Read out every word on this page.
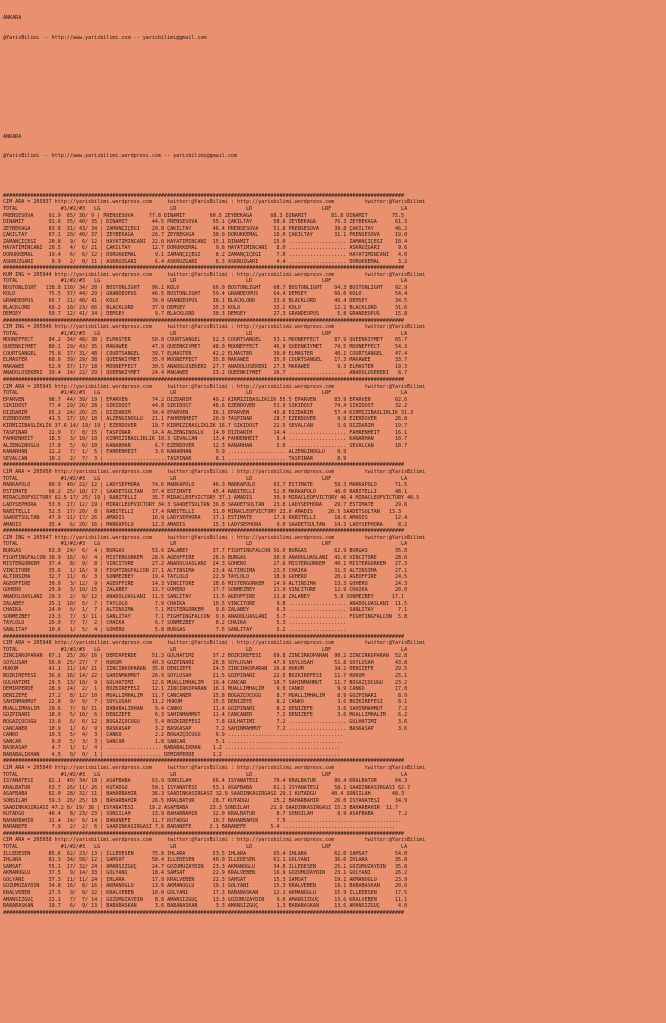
ANKARA

@YarisBilimi -- http://www.yarisbilimi.com -- yarisbilimi@gmail.com

ANKARA

@YarisBilimi -- http://www.yarisbilimi.wordpress.com -- yarisbilimi@gmail.com

####################################################################################################################################
CIM ARA = 205937 http://yarisbilimi.wordpress.com     twitter:@YarisBilimi : http://yarisbilimi.wordpress.com          twitter:@YarisBilimi
TOTAL              #1/#2/#3   LG                       LR                       LD                       LRF                       LA
PRENSESOVA     91.9  65/ 30/ 9 | PRENSESOVA     77.8 DINAMIT        60.5 ZEYBEKAGA      68.3 DINAMIT        81.8 DINAMIT        75.5
DINAMIT        91.6  35/ 40/ 35 | DINAMIT        44.5 PRENSESOVA     55.1 ÇAKILTAY       58.6 ZEYBEKAGA      76.3 ZEYBEKAGA      61.3
ZEYBEKAGA      83.8  31/ 43/ 34 | ZAMANÇIÇEGI    29.8 ÇAKILTAY       46.4 PRENSESOVA     51.8 PRENSESOVA     39.8 ÇAKILTAY       46.2
ÇAKILTAY       67.1  20/ 40/ 37 | ZEYBEKAGA      26.7 ZEYBEKAGA      30.0 DORUKKEMAL     16.0 ÇAKILTAY       31.1 PRENSESOVA     19.0
ZAMANÇIÇEGI    20.8   9/  6/ 12 | HAYATIMINCANI  22.0 HAYATIMINCANI  15.1 DINAMIT        15.0 ................... ZAMANÇIÇEGI    10.4
HAYATIMINCANI  20.5   4/  6/ 21 | ÇAKILTAY       12.7 DORUKKEMAL      9.6 HAYATIMINCANI   8.0 ................... ASKRÜZGARI      9.6
DORUKKEMAL     19.4   6/  6/ 12 | DORUKKEMAL      9.1 ZAMANÇIÇEGI     8.2 ZAMANÇIÇEGI     7.0 ................... HAYATIMINCANI   4.0
ASKRÜZGARI      9.9   2/  0/ 11 | ASKRÜZGARI      6.4 ASKRÜZGARI      6.3 ASKRÜZGARI      4.4 ................... DORUKKEMAL      3.2
####################################################################################################################################
KUM ING = 205944 http://yarisbilimi.wordpress.com     twitter:@YarisBilimi : http://yarisbilimi.wordpress.com          twitter:@YarisBilimi
TOTAL              #1/#2/#3   LG                       LR                       LD                       LRF                       LA
BOSTONLIGHT   138.8 110/ 34/ 20 | BOSTONLIGHT    96.1 KOLO           66.0 BOSTONLIGHT    68.7 BOSTONLIGHT    94.3 BOSTONLIGHT    92.9
KOLO           75.5  37/ 44/ 29 | GRANDEOPUS     46.5 BOSTONLIGHT    59.4 GRANDEOPUS     64.4 DEMSEY         66.0 KOLO           54.4
GRANDEOPUS     66.7  21/ 48/ 41 | KOLO           39.0 GRANDEOPUS     38.1 BLACKLORD      33.6 BLACKLORD      40.4 DEMSEY         34.5
BLACKLORD      60.2  10/ 23/ 66 | BLACKLORD      37.9 DEMSEY         35.3 KOLO           33.2 KOLO           12.2 BLACKLORD      31.6
DEMSEY         59.7  12/ 41/ 34 | DEMSEY          9.7 BLACKLORD      30.3 DEMSEY         27.3 GRANDEOPUS      5.8 GRANDEOPUS     15.8
####################################################################################################################################
CIM ING = 205946 http://yarisbilimi.wordpress.com     twitter:@YarisBilimi : http://yarisbilimi.wordpress.com          twitter:@YarisBilimi
TOTAL              #1/#2/#3   LG                       LR                       LD                       LRF                       LA
MOONEFFECT     84.2  34/ 48/ 38 | ELMASTER       50.8 COURTSANGEL    52.3 COURTSANGEL    53.1 MOONEFFECT     87.9 QUEENKIYMET    65.7
QUEENKIYMET    80.1  29/ 43/ 35 | MAKAWEE        47.9 QUEENKIYMET    48.0 MOONEFFECT     46.9 QUEENKIYMET    74.5 MOONEFFECT     54.3
COURTSANGEL    75.8  37/ 31/ 48 | COURTSANGEL    39.7 ELMASTER       42.2 ELMASTER       39.0 ELMASTER       40.1 COURTSANGEL    47.4
ELMASTER       68.6  39/ 29/ 38 | QUEENKIYMET    35.9 MOONEFFECT     35.8 MAKAWEE        35.9 COURTSANGEL    17.3 MAKAWEE        33.7
MAKAWEE        52.9  37/ 17/ 18 | MOONEFFECT     30.5 ANADOLUSEKERI  27.7 ANADOLUSEKERI  27.5 MAKAWEE         9.3 ELMASTER       19.3
ANADOLUSEKERI  39.4  14/ 22/ 29 | QUEENKIYMET    24.4 MAKAWEE        23.2 QUEENKIYMET    26.7 ................... ANADOLUSEKERI   8.7
####################################################################################################################################
CIM ARA = 205945 http://yarisbilimi.wordpress.com     twitter:@YarisBilimi : http://yarisbilimi.wordpress.com          twitter:@YarisBilimi
TOTAL              #1/#2/#3   LG                       LR                       LD                       LRF                       LA
EPARVEN        98.7  44/ 39/ 19 | EPARVEN        74.2 DIZDARIM       49.2 KIRMIZIBASLIKLIK 55.5 EPARVEN      83.9 EPARVEN        62.6
SIKIDOST       77.4  29/ 26/ 28 | SIKIDOST       44.8 SIKIDOST       48.6 EZERDÖVER      51.9 SIKIDOST       74.4 SIKIDOST       32.2
DIZDARIM       65.2  24/ 20/ 25 | DIZDARIM       34.4 EPARVEN        36.1 EPARVEN        45.8 DIZDARIM       57.4 KIRMIZIBASLIKLIK 31.3
EZERDÖVER      41.5  17/ 16/ 18 | ALZENGINOGLU   21.1 FAHRENHEIT     20.9 TASPINAR       28.7 EZERDÖVER       9.9 EZERDÖVER      26.8
KIRMIZIBASLIKLIK 37.6 14/ 19/ 19 | EZERDÖVER     19.7 KIRMIZIBASLIKLIK 16.7 SIKIDOST     22.5 SEVALCAN        3.6 DIZDARIM       19.7
TASPINAR       22.0   7/  8/ 15 | TASPINAR       14.4 ALZENGINOGLU   14.0 DIZDARIM       14.4 ................... FAHRENHEIT     16.1
FAHRENHEIT     18.5   3/ 10/ 10 | KIRMIZIBASLIKLIK 10.3 SEVALCAN     13.4 FAHRENHEIT      5.4 ................... KANARHAN       10.7
ALZENGINOGLU   17.8   5/  6/ 10 | KANARHAN        6.7 EZERDÖVER      12.3 KANARHAN        5.0 ................... SEVALCAN       10.7
KANARHAN       12.2   7/  1/  5 | FAHRENHEIT      3.6 KANARHAN        9.9 ................... ALZENGINOGLU    9.9
SEVALCAN       10.2   2/  7/  3 | ....................TASPINAR        8.1 ................... TASPINAR        8.9
####################################################################################################################################
CIM ARA = 205950 http://yarisbilimi.wordpress.com     twitter:@YarisBilimi : http://yarisbilimi.wordpress.com          twitter:@YarisBilimi
TOTAL              #1/#2/#3   LG                       LR                       LD                       LRF                       LA
MARKAPOLO      80.9  40/ 22/ 12 | LADYSEPHORA    74.6 MARKAPOLO      46.3 MARKAPOLO      63.7 ESTIMATE       59.3 MARKAPOLO      71.5
ESTIMATE       68.2  25/ 18/ 17 | SAADETSULTAN   37.4 ESTIMATE       45.4 RABITELLI      52.0 MARKAPOLO      48.0 RABITELLI      48.1
MIRACLEOFVICTORY 62.5 17/ 25/ 19 | RABITELLI     35.7 MIRACLEOFVICTORY 37.1 AMADIS       39.9 MIRACLEOFVICTORY 46.4 MIRACLEOFVICTORY 40.5
LADYSEPHORA    53.6  17/ 12/ 19 | MIRACLEOFVICTORY 34.3 SAADETSULTAN 36.8 SAADETSULTAN   23.8 LADYSEPHORA    29.7 ESTIMATE       29.6
RABITELLI      52.5  17/ 20/  8 | RABITELLI      17.4 RABITELLI      31.0 MIRACLEOFVICTORY 23.0 AMADIS     20.5 SAADETSULTAN   13.3
SAADETSULTAN   47.9  11/ 17/ 26 | AMADIS         16.9 LADYSEPHORA    17.1 ESTIMATE       17.6 RABITELLI      18.6 AMADIS         12.4
AMADIS         35.4   6/ 20/ 16 | MARKAPOLO      12.3 AMADIS         15.3 LADYSEPHORA     9.0 SAADETSULTAN   14.3 LADYSEPHORA     8.2
####################################################################################################################################
CIM ING = 205947 http://yarisbilimi.wordpress.com     twitter:@YarisBilimi : http://yarisbilimi.wordpress.com          twitter:@YarisBilimi
TOTAL              #1/#2/#3   LG                       LR                       LD                       LRF                       LA
BURGAS         63.8  24/  6/  4 | BURGAS         53.6 ZALABEY        37.7 FIGHTINGFALCON 56.0 BURGAS         62.9 BURGAS         35.8
FIGHTINGFALCON 38.9  16/  6/  4 | MISTERGÖRKEM   28.6 AGEOFFIRE      28.6 BURGAS         30.9 ANADOLUASLANI  41.6 VINCITORE      28.6
MISTERGÖRKEM   37.4   8/  9/  8 | VINCITORE      27.2 ANADOLUASLANI  24.3 GOHERO         27.6 MISTERGÖRKEM   40.1 MISTERGÖRKEM   27.3
VINCITORE      35.6   1/ 16/  9 | FIGHTINGFALCON 27.1 ALTINSIMA      23.4 ALTINSIMA      23.5 CHAIKA         31.5 ALTINSIMA      27.1
ALTINSIMA      32.7  11/  8/  3 | SÖNMEZBEY      19.4 TAYLOLO        22.9 TAYLOLO        18.9 GOHERO         20.1 AGEOFFIRE      24.5
AGEOFFIRE      30.0   3/ 12/  9 | AGEOFFIRE      14.3 VINCITORE      18.6 MISTERGÖRKEM   14.9 ALTINSIMA      13.3 GOHERO         24.3
GOHERO         29.9   3/ 10/ 15 | ZALABEY        13.7 GOHERO         17.7 SÖNMEZBEY      11.9 VINCITORE      12.9 CHAIKA         20.0
ANADOLUASLANI  29.3   2/  9/ 12 | ANADOLUASLANI  11.5 SANLITAY       11.5 AGEOFFIRE      11.8 ZALABEY        5.8 SÖNMEZBEY      17.1
ZALABEY        25.1  10/  5/  7 | TAYLOLO         7.9 CHAIKA         10.5 VINCITORE       9.8 ................... ANADOLUASLANI  11.5
CHAIKA         24.0   6/  1/  7 | ALTINSIMA       7.1 MISTERGÖRKEM    9.6 ZALABEY         6.3 ................... SANLITAY        7.1
SÖNMEZBEY      23.3   7/  3/ 11 | SANLITAY        7.1 FIGHTINGFALCON  9.6 ANADOLUASLANI   5.7 ................... FIGHTINGFALCON  5.8
TAYLOLO        20.0   7/  7/  2 | CHAIKA          6.7 SÖNMEZBEY       8.2 CHAIKA          5.3 ...................
SANLITAY       10.6   1/  5/  4 | GOHERO          5.8 BURGAS          7.6 SANLITAY        5.2 ...................
####################################################################################################################################
CIM ARA = 205948 http://yarisbilimi.wordpress.com     twitter:@YarisBilimi : http://yarisbilimi.wordpress.com          twitter:@YarisBilimi
TOTAL              #1/#2/#3   LG                       LR                       LD                       LRF                       LA
ZINCIRKOPARAN  67.1  25/ 26/ 16 | DEMIRPERDE     51.3 GÜLHATIMI      37.2 BOZKIREFESI    69.8 ZINCIRKOPARAN  90.2 ZINCIRKOPARAN  52.8
SOYLUSAH       56.0  25/ 27/  7 | HÜKÜM          40.3 GÖZPINARI      26.8 SOYLUSAH       47.9 SOYLUSAH       51.8 SOYLUSAH       43.8
HÜKÜM          41.1  11/ 14/ 21 | ZINCIRKOPARAN  35.8 DENIZEFE       24.5 ZINCIRKOPARAN  26.8 HÜKÜM          34.2 DENIZEFE       29.5
BOZKIREFESI    36.6  16/ 14/ 22 | SAHINMAHMUT    26.9 SOYLUSAH       21.5 GÖZPINARI      22.5 BOZKIREFESI    11.7 HÜKÜM          25.1
GÜLHATIMI      29.5  13/ 10/  9 | GÜLHATIMI      12.6 MUALLIMHALIM   19.4 CANCAR         10.7 SAHINMAHMUT    11.7 BOGAZÇOCUGU    23.2
DEMIRPERDE     28.9  24/  2/  1 | BOZKIREFESI    12.1 ZINCIRKOPARAN  16.1 MUALLIMHALIM    9.0 CANKO           9.9 CANKO          17.0
DENIZEFE       27.2   8/ 12/ 10 | MUALLIMHALIM   11.7 CANCANER       15.8 BOGAZÇOCUGU     8.7 MUALLIMHALIM    8.9 GÖZPINARI       8.9
SAHINMAHMUT    22.8   9/  9/  7 | SOYLUSAH       11.2 HÜKÜM          15.5 DENIZEFE        8.2 CANKO           3.6 BOZKIREFESI     8.1
MUALLIMHALIM   20.6   7/  8/ 11 | BABABALIKHAN    9.4 CANKO          11.4 GÖZPINARI       8.2 DENIZEFE        3.6 SAHINMAHMUT     7.2
GÖZPINARI      18.0   5/ 10/  6 | DENIZEFE        6.3 SAHINMAHMUT    11.4 CANCANER        7.2 DENIZEFE        3.6 MUALLIMHALIM    6.2
BOGAZÇOCUGU    13.8   6/  6/ 12 | BOGAZÇOCUGU     5.4 BOZKIREFESI     7.8 GÜLHATIMI       7.2 ................... GÜLHATIMI       3.6
CANCANER       10.9   1/  6/  9 | BASKASAP        3.2 BASKASAP        7.2 SAHINMAHMUT     7.2 ................... BASKASAP        3.6
CANKO          10.3   5/  4/  3 | CANKO           2.2 BOGAZÇOCUGU     6.9 ......................................
SANCAR          9.0   5/  3/  3 | SANCAR          1.8 SANCAR          5.1 ......................................
BASKASAP        4.7   1/  1/  4 | .................. BABABALIKHAN    1.2 ......................................
BABABALIKHAN    4.5   0/  0/  1 | .................. DEMIRPERDE      1.2 ......................................
####################################################################################################################################
CIM ARA = 205949 http://yarisbilimi.wordpress.com     twitter:@YarisBilimi : http://yarisbilimi.wordpress.com          twitter:@YarisBilimi
TOTAL              #1/#2/#3   LG                       LR                       LD                       LRF                       LA
ISYANATESI     82.1  40/ 34/ 18 | ASAFBABA       63.9 SONSILAH       66.4 ISYANATESI     70.4 KRALBATUR      80.4 KRALBATUR      64.3
KRALBATUR      63.7  26/ 11/ 26 | KUTADGU        50.1 ISYANATESI     53.1 ASAFBABA       61.1 ISYANATESI     58.1 SAADINKASIRGASI 62.7
ASAFBABA       62.0  28/ 32/ 11 | BAHARBAHIR     36.3 SAADINKASIRGASI 32.9 SAADINKASIRGASI 29.1 KUTADGU     40.4 SONSILAH       48.3
SONSILAH       59.3  26/ 25/ 18 | BAHARBAHIR     26.5 KRALBATUR      28.7 KUTADGU        25.2 BAHARBAHIR     26.0 ISYANATESI     34.9
SAADINKASIRGASI 47.2 8/ 19/ 36 | ISYANATESI     19.2 ASAFBABA       23.3 SONSILAH       21.9 SAADINKASIRGASI 15.3 BAHARBAHIR  11.7
KUTADGU        46.4   8/ 23/ 23 | SONSILAH       13.9 BAHARBAHIR     12.0 KRALBATUR       8.7 SONSILAH        8.9 ASAFBABA        7.2
BAHARBAHIR     32.4  14/  6/ 14 | BARANEFE       11.7 KUTADGU        10.7 BAHARBAHIR      7.5 .....................................
BARANEFE        7.9   2/  2/  6 | SAADINKASIRGASI 7.6 BARANEFE      2.1 BARANEFE        5.4 .....................................
####################################################################################################################################
CIM ARA = 205938 http://yarisbilimi.wordpress.com     twitter:@YarisBilimi : http://yarisbilimi.wordpress.com          twitter:@YarisBilimi
TOTAL              #1/#2/#3   LG                       LR                       LD                       LRF                       LA
ILLEDESEN      85.6  62/ 23/ 13 | ILLEDESEN      75.8 IHLARA         53.5 IHLARA         65.4 IHLARA         62.0 SAMSAT         54.0
IHLARA         81.3  34/ 58/ 12 | SAMSAT         58.4 ILLEDESEN      40.0 ILLEDESEN      61.1 GÖLYANI        36.6 IHLARA         35.8
SAMSAT         55.1  17/ 32/ 24 | AMANSIZGÜÇ     24.7 GÖZÜMÜZAYDIN   23.3 AKMANOGLU      34.8 ILLEDESEN      25.1 GÖZÜMÜZAYDIN   35.8
AKMANOGLU      37.5   9/ 14/ 33 | GÖLYANI        18.4 SAMSAT         22.9 KRALVEBEN      16.9 GÖZÜMÜZAYDIN   23.1 GÖLYANI        26.2
GÖLYANI        37.3  11/ 11/ 24 | IHLARA         17.9 KRALVEBEN      22.3 SAMSAT         15.3 SAMSAT         19.1 AKMANOGLU      23.9
GÖZÜMÜZAYDIN   34.8  16/  8/ 16 | AKMANOGLU      13.6 AKMANOGLU      19.1 GÖLYANI        15.3 KRALVEBEN      19.1 BABABASKAN     20.0
KRALVEBEN      27.5   9/  9/ 22 | KRALVEBEN      10.0 GÖLYANI        17.3 BABABASKAN     12.1 AKMANOGLU      15.9 ILLEDESEN      17.5
AMANSIZGÜÇ     22.1   7/  7/ 14 | GÖZÜMÜZAYDIN    8.8 AMANSIZGÜÇ     13.3 GÖZÜMÜZAYDIN    9.6 AMANSIZGÜÇ     13.6 KRALVEBEN      11.1
BABABASKAN     19.7   6/  9/ 13 | BABABASKAN      3.6 BABABASKAN      3.3 AMANSIZGÜÇ      1.3 BABABASKAN     13.6 AMANSIZGÜÇ      4.0
####################################################################################################################################
